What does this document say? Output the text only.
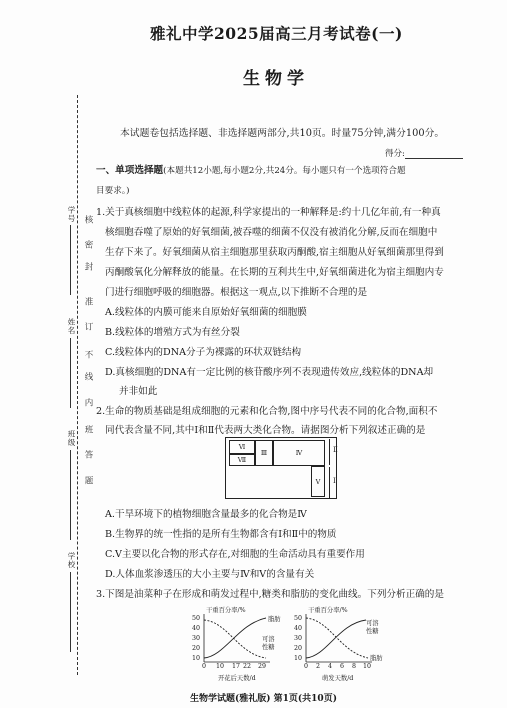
学号
姓名
班级
学校
核
密
封
准
订
不
线
内
班
答
题
雅礼中学2025届高三月考试卷(一)
生物学
本试题卷包括选择题、非选择题两部分,共10页。时量75分钟,满分100分。
得分:
一、单项选择题(本题共12小题,每小题2分,共24分。每小题只有一个选项符合题
目要求。)
1.关于真核细胞中线粒体的起源,科学家提出的一种解释是:约十几亿年前,有一种真
核细胞吞噬了原始的好氧细菌,被吞噬的细菌不仅没有被消化分解,反而在细胞中
生存下来了。好氧细菌从宿主细胞那里获取丙酮酸,宿主细胞从好氧细菌那里得到
丙酮酸氧化分解释放的能量。在长期的互利共生中,好氧细菌进化为宿主细胞内专
门进行细胞呼吸的细胞器。根据这一观点,以下推断不合理的是
A.线粒体的内膜可能来自原始好氧细菌的细胞膜
B.线粒体的增殖方式为有丝分裂
C.线粒体内的DNA分子为裸露的环状双链结构
D.真核细胞的DNA有一定比例的核苷酸序列不表现遗传效应,线粒体的DNA却
并非如此
2.生命的物质基础是组成细胞的元素和化合物,图中序号代表不同的化合物,面积不
同代表含量不同,其中Ⅰ和Ⅱ代表两大类化合物。请据图分析下列叙述正确的是
Ⅵ
Ⅶ
Ⅲ	Ⅳ
Ⅴ
Ⅱ
Ⅰ
A.干旱环境下的植物细胞含量最多的化合物是Ⅳ
B.生物界的统一性指的是所有生物都含有Ⅰ和Ⅱ中的物质
C.Ⅴ主要以化合物的形式存在,对细胞的生命活动具有重要作用
D.人体血浆渗透压的大小主要与Ⅳ和Ⅴ的含量有关
3.下图是油菜种子在形成和萌发过程中,糖类和脂肪的变化曲线。下列分析正确的是
干重百分率/%
50
40
30
20
10
脂肪
可溶性糖
0 10 17 22 29
开花后天数/d
干重百分率/%
50
40
30
20
10
可溶性糖
脂肪
0 2 4 6 8 10
萌发天数/d
生物学试题(雅礼版) 第1页(共10页)
